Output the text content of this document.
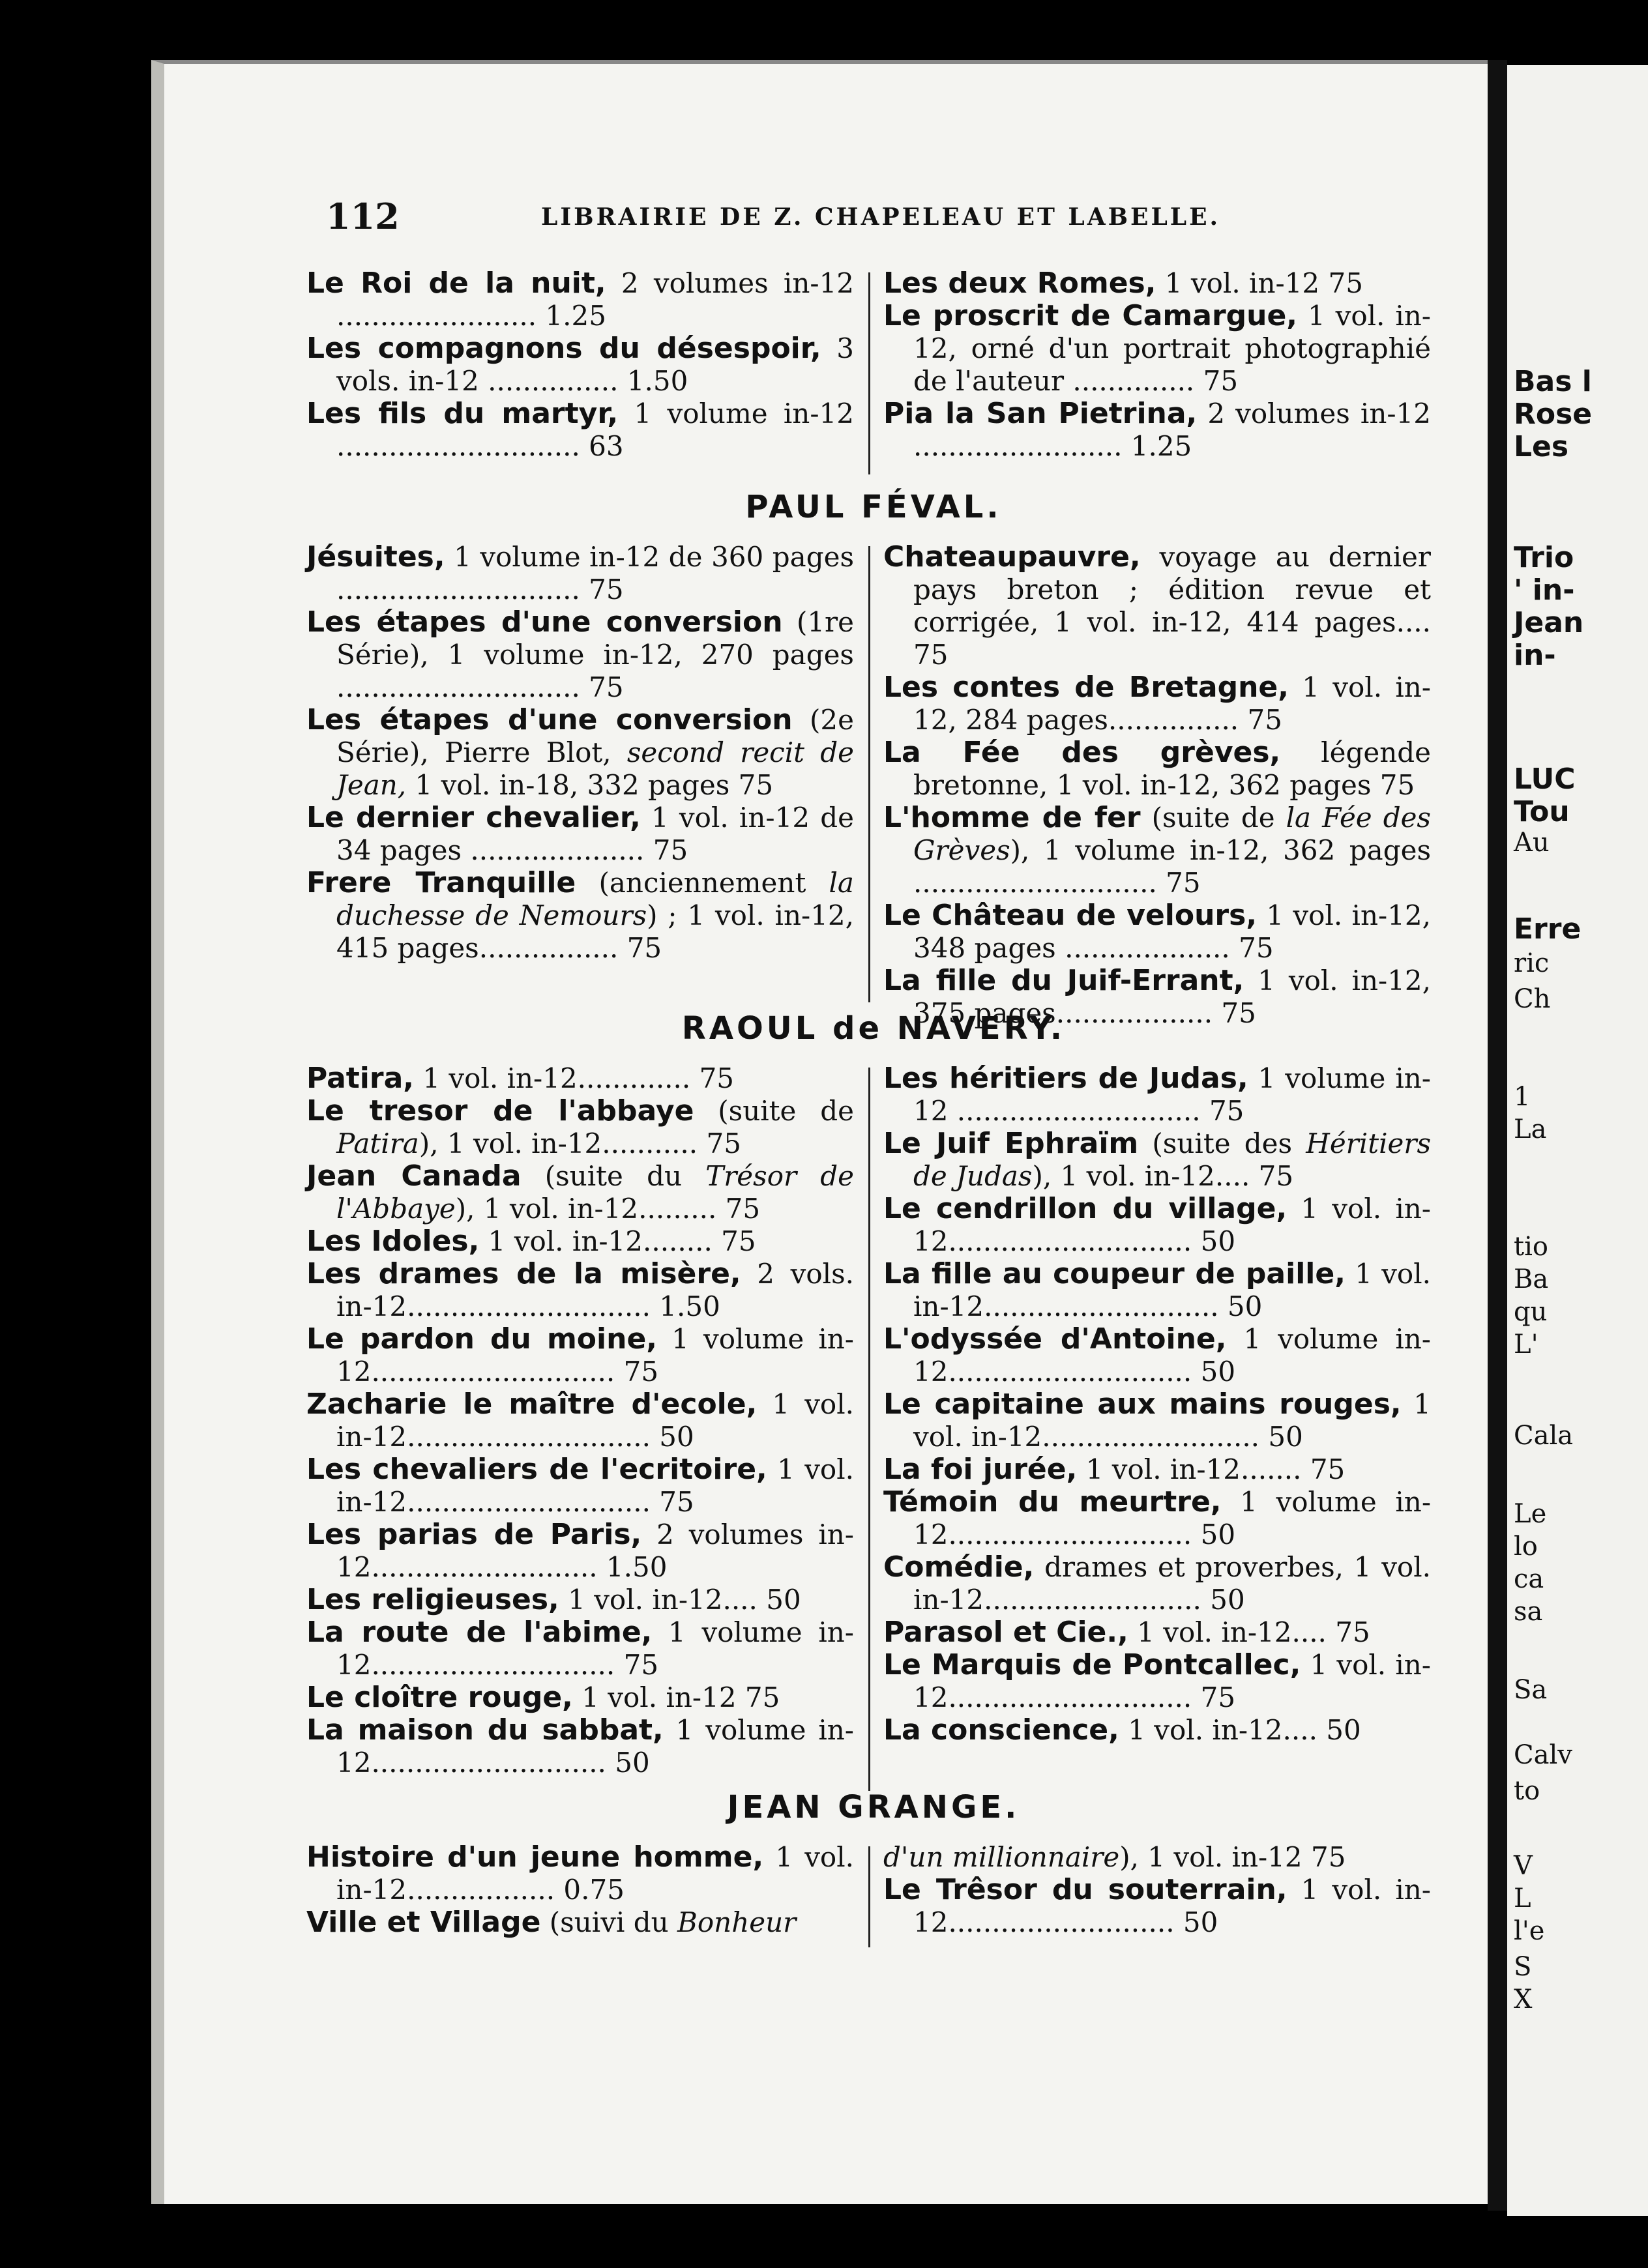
112	LIBRAIRIE DE Z. CHAPELEAU ET LABELLE.
Le Roi de la nuit, 2 volumes in-12 ....................... 1.25
Les compagnons du désespoir, 3 vols. in-12 ............... 1.50
Les fils du martyr, 1 volume in-12 ............................ 63
Les deux Romes, 1 vol. in-12 75
Le proscrit de Camargue, 1 vol. in-12, orné d'un portrait photographié de l'auteur .............. 75
Pia la San Pietrina, 2 volumes in-12 ........................ 1.25
PAUL FÉVAL.
Jésuites, 1 volume in-12 de 360 pages ............................ 75
Les étapes d'une conversion (1re Série), 1 volume in-12, 270 pages ............................ 75
Les étapes d'une conversion (2e Série), Pierre Blot, second recit de Jean, 1 vol. in-18, 332 pages 75
Le dernier chevalier, 1 vol. in-12 de 34 pages .................... 75
Frere Tranquille (anciennement la duchesse de Nemours) ; 1 vol. in-12, 415 pages................ 75
Chateaupauvre, voyage au dernier pays breton ; édition revue et corrigée, 1 vol. in-12, 414 pages.... 75
Les contes de Bretagne, 1 vol. in-12, 284 pages............... 75
La Fée des grèves, légende bretonne, 1 vol. in-12, 362 pages 75
L'homme de fer (suite de la Fée des Grèves), 1 volume in-12, 362 pages ............................ 75
Le Château de velours, 1 vol. in-12, 348 pages ................... 75
La fille du Juif-Errant, 1 vol. in-12, 375 pages.................. 75
RAOUL de NAVERY.
Patira, 1 vol. in-12............. 75
Le tresor de l'abbaye (suite de Patira), 1 vol. in-12........... 75
Jean Canada (suite du Trésor de l'Abbaye), 1 vol. in-12......... 75
Les Idoles, 1 vol. in-12........ 75
Les drames de la misère, 2 vols. in-12............................ 1.50
Le pardon du moine, 1 volume in-12............................ 75
Zacharie le maître d'ecole, 1 vol. in-12............................ 50
Les chevaliers de l'ecritoire, 1 vol. in-12............................ 75
Les parias de Paris, 2 volumes in-12.......................... 1.50
Les religieuses, 1 vol. in-12.... 50
La route de l'abime, 1 volume in-12............................ 75
Le cloître rouge, 1 vol. in-12 75
La maison du sabbat, 1 volume in-12........................... 50
Les héritiers de Judas, 1 volume in-12 ............................ 75
Le Juif Ephraïm (suite des Héritiers de Judas), 1 vol. in-12.... 75
Le cendrillon du village, 1 vol. in-12............................ 50
La fille au coupeur de paille, 1 vol. in-12........................... 50
L'odyssée d'Antoine, 1 volume in-12............................ 50
Le capitaine aux mains rouges, 1 vol. in-12......................... 50
La foi jurée, 1 vol. in-12....... 75
Témoin du meurtre, 1 volume in-12............................ 50
Comédie, drames et proverbes, 1 vol. in-12......................... 50
Parasol et Cie., 1 vol. in-12.... 75
Le Marquis de Pontcallec, 1 vol. in-12............................ 75
La conscience, 1 vol. in-12.... 50
JEAN GRANGE.
Histoire d'un jeune homme, 1 vol. in-12................. 0.75
Ville et Village (suivi du Bonheur
d'un millionnaire), 1 vol. in-12 75
Le Trêsor du souterrain, 1 vol. in-12.......................... 50
Bas l
Rose
Les
Trio
' in-
Jean
in-
LUC
Tou
Au
Erre
ric
Ch
1
La
tio
Ba
qu
L'
Cala
Le
lo
ca
sa
Sa
Calv
to
V
L
l'e
S
X
